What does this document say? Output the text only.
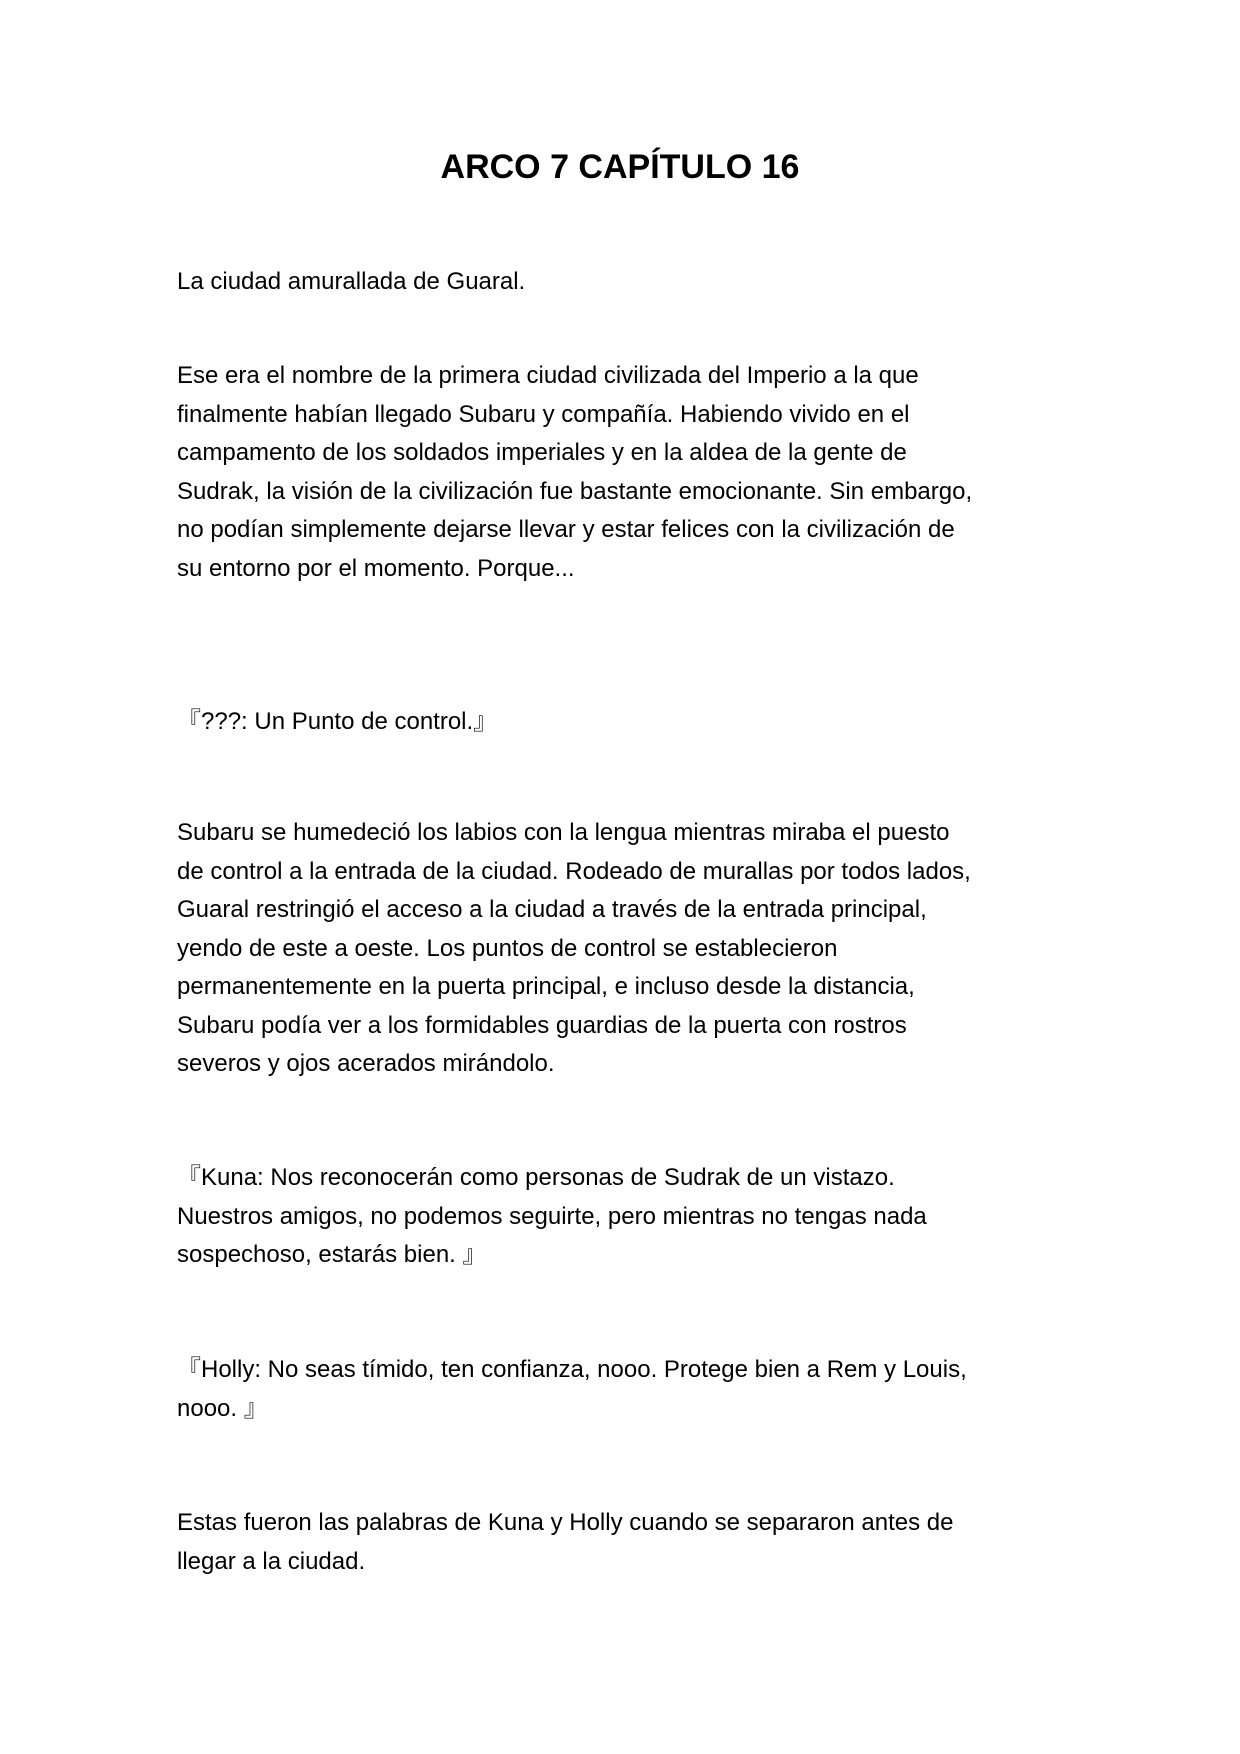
ARCO 7 CAPÍTULO 16
La ciudad amurallada de Guaral.
Ese era el nombre de la primera ciudad civilizada del Imperio a la que
finalmente habían llegado Subaru y compañía. Habiendo vivido en el
campamento de los soldados imperiales y en la aldea de la gente de
Sudrak, la visión de la civilización fue bastante emocionante. Sin embargo,
no podían simplemente dejarse llevar y estar felices con la civilización de
su entorno por el momento. Porque...
『???: Un Punto de control.』
Subaru se humedeció los labios con la lengua mientras miraba el puesto
de control a la entrada de la ciudad. Rodeado de murallas por todos lados,
Guaral restringió el acceso a la ciudad a través de la entrada principal,
yendo de este a oeste. Los puntos de control se establecieron
permanentemente en la puerta principal, e incluso desde la distancia,
Subaru podía ver a los formidables guardias de la puerta con rostros
severos y ojos acerados mirándolo.
『Kuna: Nos reconocerán como personas de Sudrak de un vistazo.
Nuestros amigos, no podemos seguirte, pero mientras no tengas nada
sospechoso, estarás bien. 』
『Holly: No seas tímido, ten confianza, nooo. Protege bien a Rem y Louis,
nooo. 』
Estas fueron las palabras de Kuna y Holly cuando se separaron antes de
llegar a la ciudad.
